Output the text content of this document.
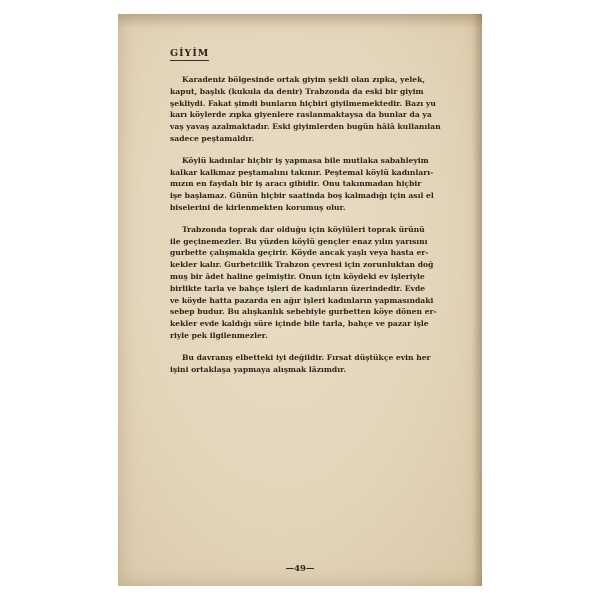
GİYİM
Karadeniz bölgesinde ortak giyim şekli olan zıpka, yelek,
kaput, başlık (kukula da denir) Trabzonda da eski bir giyim
şekliydi. Fakat şimdi bunların hiçbiri giyilmemektedir. Bazı yu
karı köylerde zıpka giyenlere raslanmaktaysa da bunlar da ya
vaş yavaş azalmaktadır. Eski giyimlerden bugün hâlâ kullanılan
sadece peştamaldır.
Köylü kadınlar hiçbir iş yapmasa bile mutlaka sabahleyim
kalkar kalkmaz peştamalını takınır. Peştemal köylü kadınları-
mızın en faydalı bir iş aracı gibidir. Onu takınmadan hiçbir
işe başlamaz. Günün hiçbir saatinda boş kalmadığı için asıl el
biselerini de kirlenmekten korumuş olur.
Trabzonda toprak dar olduğu için köylüleri toprak ürünü
ile geçinemezler. Bu yüzden köylü gençler enaz yılın yarısını
gurbette çalışmakla geçirir. Köyde ancak yaşlı veya hasta er-
kekler kalır. Gurbetcilik Trabzon çevresi için zorunluktan doğ
muş bir âdet haline gelmiştir. Onun için köydeki ev işleriyle
birlikte tarla ve bahçe işleri de kadınların üzerindedir. Evde
ve köyde hatta pazarda en ağır işleri kadınların yapmasındaki
sebep budur. Bu alışkanlık sebebiyle gurbetten köye dönen er-
kekler evde kaldığı süre içinde bile tarla, bahçe ve pazar işle
riyle pek ilgilenmezler.
Bu davranış elbetteki iyi değildir. Fırsat düştükçe evin her
işini ortaklaşa yapmaya alışmak lâzımdır.
—49—
